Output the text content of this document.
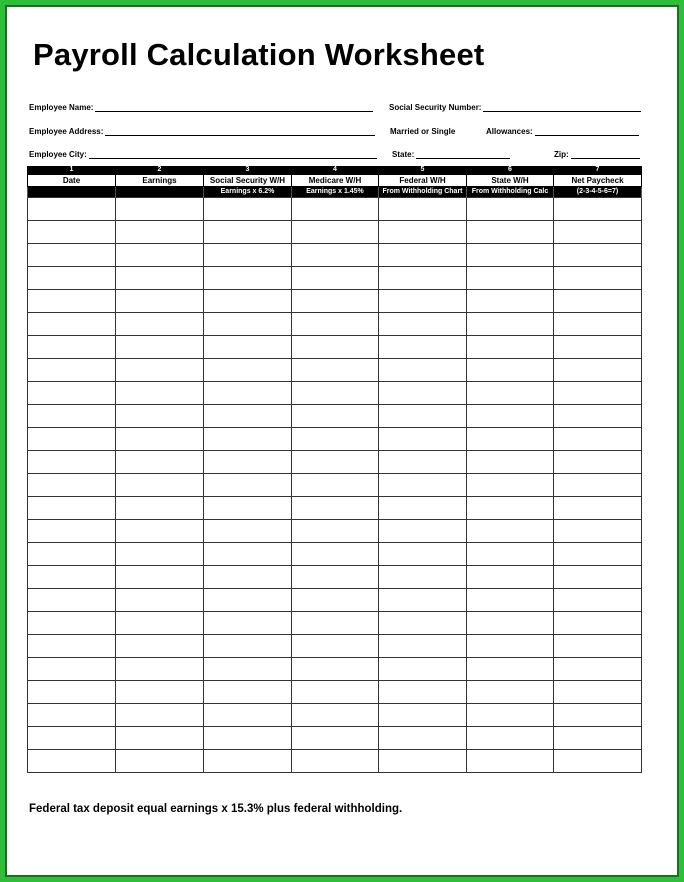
Payroll Calculation Worksheet
Employee Name:	Social Security Number:
Employee Address:	Married or Single	Allowances:
Employee City:	State:	Zip:
1	2	3	4	5	6	7
Date	Earnings	Social Security W/H	Medicare W/H	Federal W/H	State W/H	Net Paycheck
		Earnings x 6.2%	Earnings x 1.45%	From Withholding Chart	From Withholding Calc	(2-3-4-5-6=7)

Federal tax deposit equal earnings x 15.3% plus federal withholding.
